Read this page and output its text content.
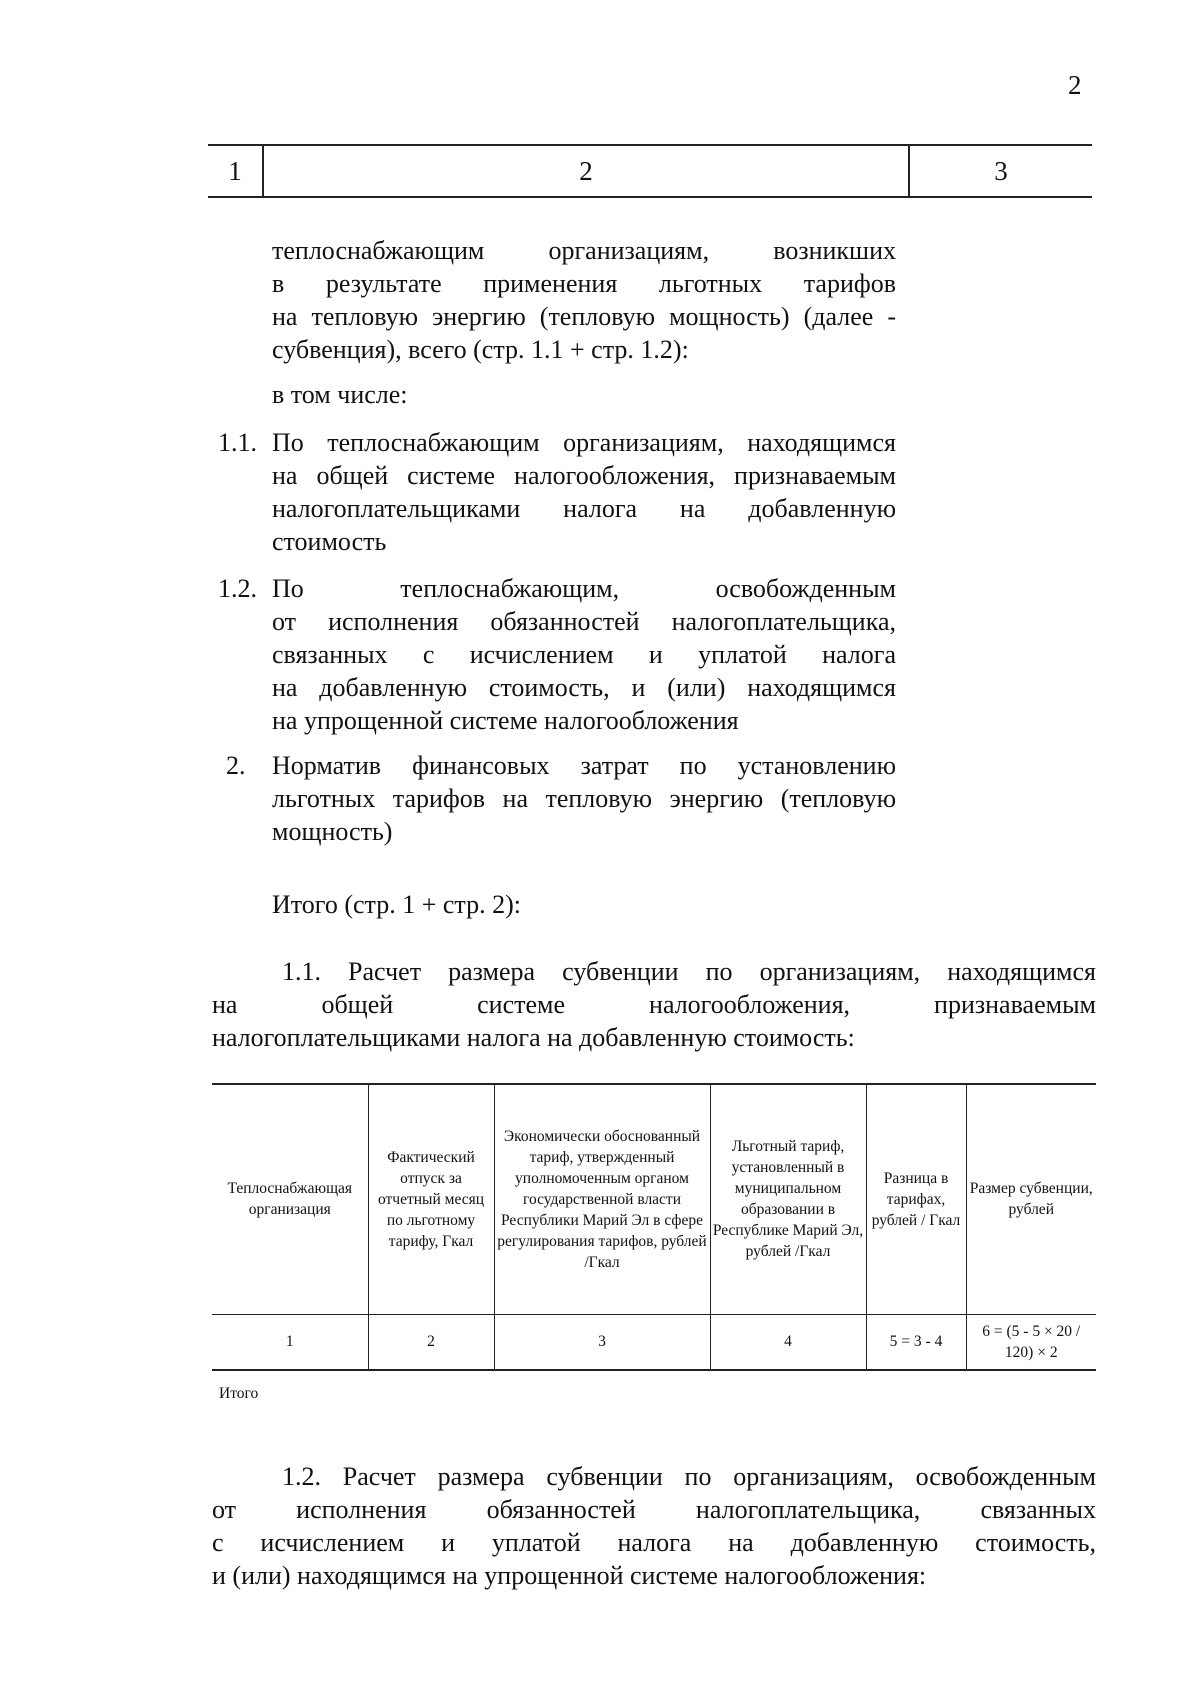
2
1	2	3
теплоснабжающим организациям, возникших
в результате применения льготных тарифов
на тепловую энергию (тепловую мощность) (далее -
субвенция), всего (стр. 1.1 + стр. 1.2):
в том числе:
1.1. По теплоснабжающим организациям, находящимся
на общей системе налогообложения, признаваемым
налогоплательщиками налога на добавленную
стоимость
1.2. По теплоснабжающим, освобожденным
от исполнения обязанностей налогоплательщика,
связанных с исчислением и уплатой налога
на добавленную стоимость, и (или) находящимся
на упрощенной системе налогообложения
2. Норматив финансовых затрат по установлению
льготных тарифов на тепловую энергию (тепловую
мощность)
Итого (стр. 1 + стр. 2):
1.1. Расчет размера субвенции по организациям, находящимся
на общей системе налогообложения, признаваемым
налогоплательщиками налога на добавленную стоимость:
Теплоснабжающая организация	Фактический отпуск за отчетный месяц по льготному тарифу, Гкал	Экономически обоснованный тариф, утвержденный уполномоченным органом государственной власти Республики Марий Эл в сфере регулирования тарифов, рублей /Гкал	Льготный тариф, установленный в муниципальном образовании в Республике Марий Эл, рублей /Гкал	Разница в тарифах, рублей / Гкал	Размер субвенции, рублей
1	2	3	4	5 = 3 - 4	6 = (5 - 5 × 20 / 120) × 2
Итого
1.2. Расчет размера субвенции по организациям, освобожденным
от исполнения обязанностей налогоплательщика, связанных
с исчислением и уплатой налога на добавленную стоимость,
и (или) находящимся на упрощенной системе налогообложения:
